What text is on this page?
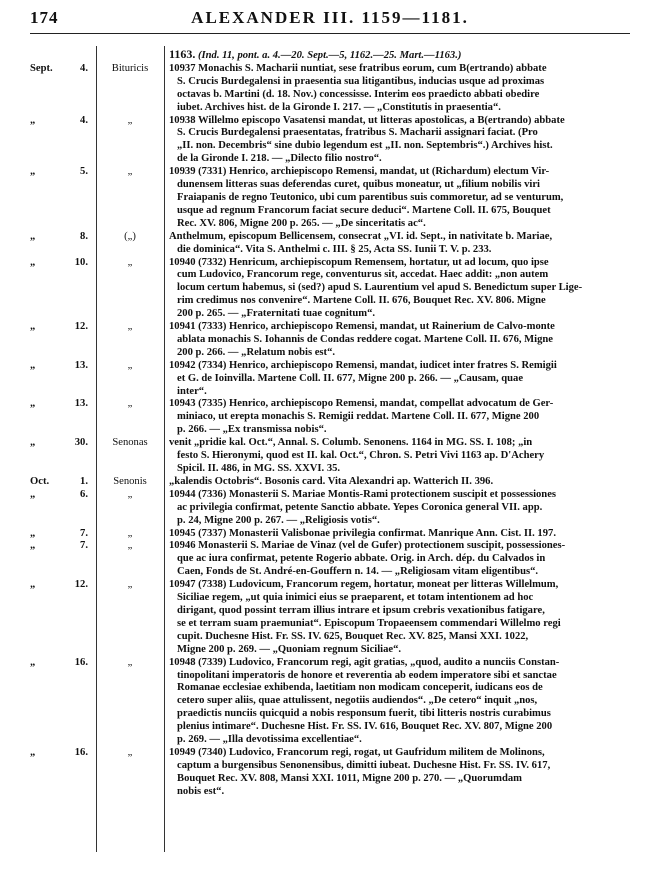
174	ALEXANDER III. 1159—1181.
1163. (Ind. 11, pont. a. 4.—20. Sept.—5, 1162.—25. Mart.—1163.)
Sept.	4.	Bituricis	10937 Monachis S. Macharii nuntiat, sese fratribus eorum, cum B(ertrando) abbate
S. Crucis Burdegalensi in praesentia sua litigantibus, inducias usque ad proximas
octavas b. Martini (d. 18. Nov.) concessisse. Interim eos praedicto abbati obedire
iubet. Archives hist. de la Gironde I. 217. — „Constitutis in praesentia“.
„	4.	„	10938 Willelmo episcopo Vasatensi mandat, ut litteras apostolicas, a B(ertrando) abbate
S. Crucis Burdegalensi praesentatas, fratribus S. Macharii assignari faciat. (Pro
„II. non. Decembris“ sine dubio legendum est „II. non. Septembris“.) Archives hist.
de la Gironde I. 218. — „Dilecto filio nostro“.
„	5.	„	10939 (7331) Henrico, archiepiscopo Remensi, mandat, ut (Richardum) electum Vir-
dunensem litteras suas deferendas curet, quibus moneatur, ut „filium nobilis viri
Fraiapanis de regno Teutonico, ubi cum parentibus suis commoretur, ad se venturum,
usque ad regnum Francorum faciat secure deduci“. Martene Coll. II. 675, Bouquet
Rec. XV. 806, Migne 200 p. 265. — „De sinceritatis ac“.
„	8.	(„)	Anthelmum, episcopum Bellicensem, consecrat „VI. id. Sept., in nativitate b. Mariae,
die dominica“. Vita S. Anthelmi c. III. § 25, Acta SS. Iunii T. V. p. 233.
„	10.	„	10940 (7332) Henricum, archiepiscopum Remensem, hortatur, ut ad locum, quo ipse
cum Ludovico, Francorum rege, conventurus sit, accedat. Haec addit: „non autem
locum certum habemus, si (sed?) apud S. Laurentium vel apud S. Benedictum super Lige-
rim credimus nos convenire“. Martene Coll. II. 676, Bouquet Rec. XV. 806. Migne
200 p. 265. — „Fraternitati tuae cognitum“.
„	12.	„	10941 (7333) Henrico, archiepiscopo Remensi, mandat, ut Rainerium de Calvo-monte
ablata monachis S. Iohannis de Condas reddere cogat. Martene Coll. II. 676, Migne
200 p. 266. — „Relatum nobis est“.
„	13.	„	10942 (7334) Henrico, archiepiscopo Remensi, mandat, iudicet inter fratres S. Remigii
et G. de Ioinvilla. Martene Coll. II. 677, Migne 200 p. 266. — „Causam, quae
inter“.
„	13.	„	10943 (7335) Henrico, archiepiscopo Remensi, mandat, compellat advocatum de Ger-
miniaco, ut erepta monachis S. Remigii reddat. Martene Coll. II. 677, Migne 200
p. 266. — „Ex transmissa nobis“.
„	30.	Senonas	venit „pridie kal. Oct.“, Annal. S. Columb. Senonens. 1164 in MG. SS. I. 108; „in
festo S. Hieronymi, quod est II. kal. Oct.“, Chron. S. Petri Vivi 1163 ap. D'Achery
Spicil. II. 486, in MG. SS. XXVI. 35.
Oct.	1.	Senonis	„kalendis Octobris“. Bosonis card. Vita Alexandri ap. Watterich II. 396.
„	6.	„	10944 (7336) Monasterii S. Mariae Montis-Rami protectionem suscipit et possessiones
ac privilegia confirmat, petente Sanctio abbate. Yepes Coronica general VII. app.
p. 24, Migne 200 p. 267. — „Religiosis votis“.
„	7.	„	10945 (7337) Monasterii Valisbonae privilegia confirmat. Manrique Ann. Cist. II. 197.
„	7.	„	10946 Monasterii S. Mariae de Vinaz (vel de Gufer) protectionem suscipit, possessiones-
que ac iura confirmat, petente Rogerio abbate. Orig. in Arch. dép. du Calvados in
Caen, Fonds de St. André-en-Gouffern n. 14. — „Religiosam vitam eligentibus“.
„	12.	„	10947 (7338) Ludovicum, Francorum regem, hortatur, moneat per litteras Willelmum,
Siciliae regem, „ut quia inimici eius se praeparent, et totam intentionem ad hoc
dirigant, quod possint terram illius intrare et ipsum crebris vexationibus fatigare,
se et terram suam praemuniat“. Episcopum Tropaeensem commendari Willelmo regi
cupit. Duchesne Hist. Fr. SS. IV. 625, Bouquet Rec. XV. 825, Mansi XXI. 1022,
Migne 200 p. 269. — „Quoniam regnum Siciliae“.
„	16.	„	10948 (7339) Ludovico, Francorum regi, agit gratias, „quod, audito a nunciis Constan-
tinopolitani imperatoris de honore et reverentia ab eodem imperatore sibi et sanctae
Romanae ecclesiae exhibenda, laetitiam non modicam conceperit, iudicans eos de
cetero super aliis, quae attulissent, negotiis audiendos“. „De cetero“ inquit „nos,
praedictis nunciis quicquid a nobis responsum fuerit, tibi litteris nostris curabimus
plenius intimare“. Duchesne Hist. Fr. SS. IV. 616, Bouquet Rec. XV. 807, Migne 200
p. 269. — „Illa devotissima excellentiae“.
„	16.	„	10949 (7340) Ludovico, Francorum regi, rogat, ut Gaufridum militem de Molinons,
captum a burgensibus Senonensibus, dimitti iubeat. Duchesne Hist. Fr. SS. IV. 617,
Bouquet Rec. XV. 808, Mansi XXI. 1011, Migne 200 p. 270. — „Quorumdam
nobis est“.
